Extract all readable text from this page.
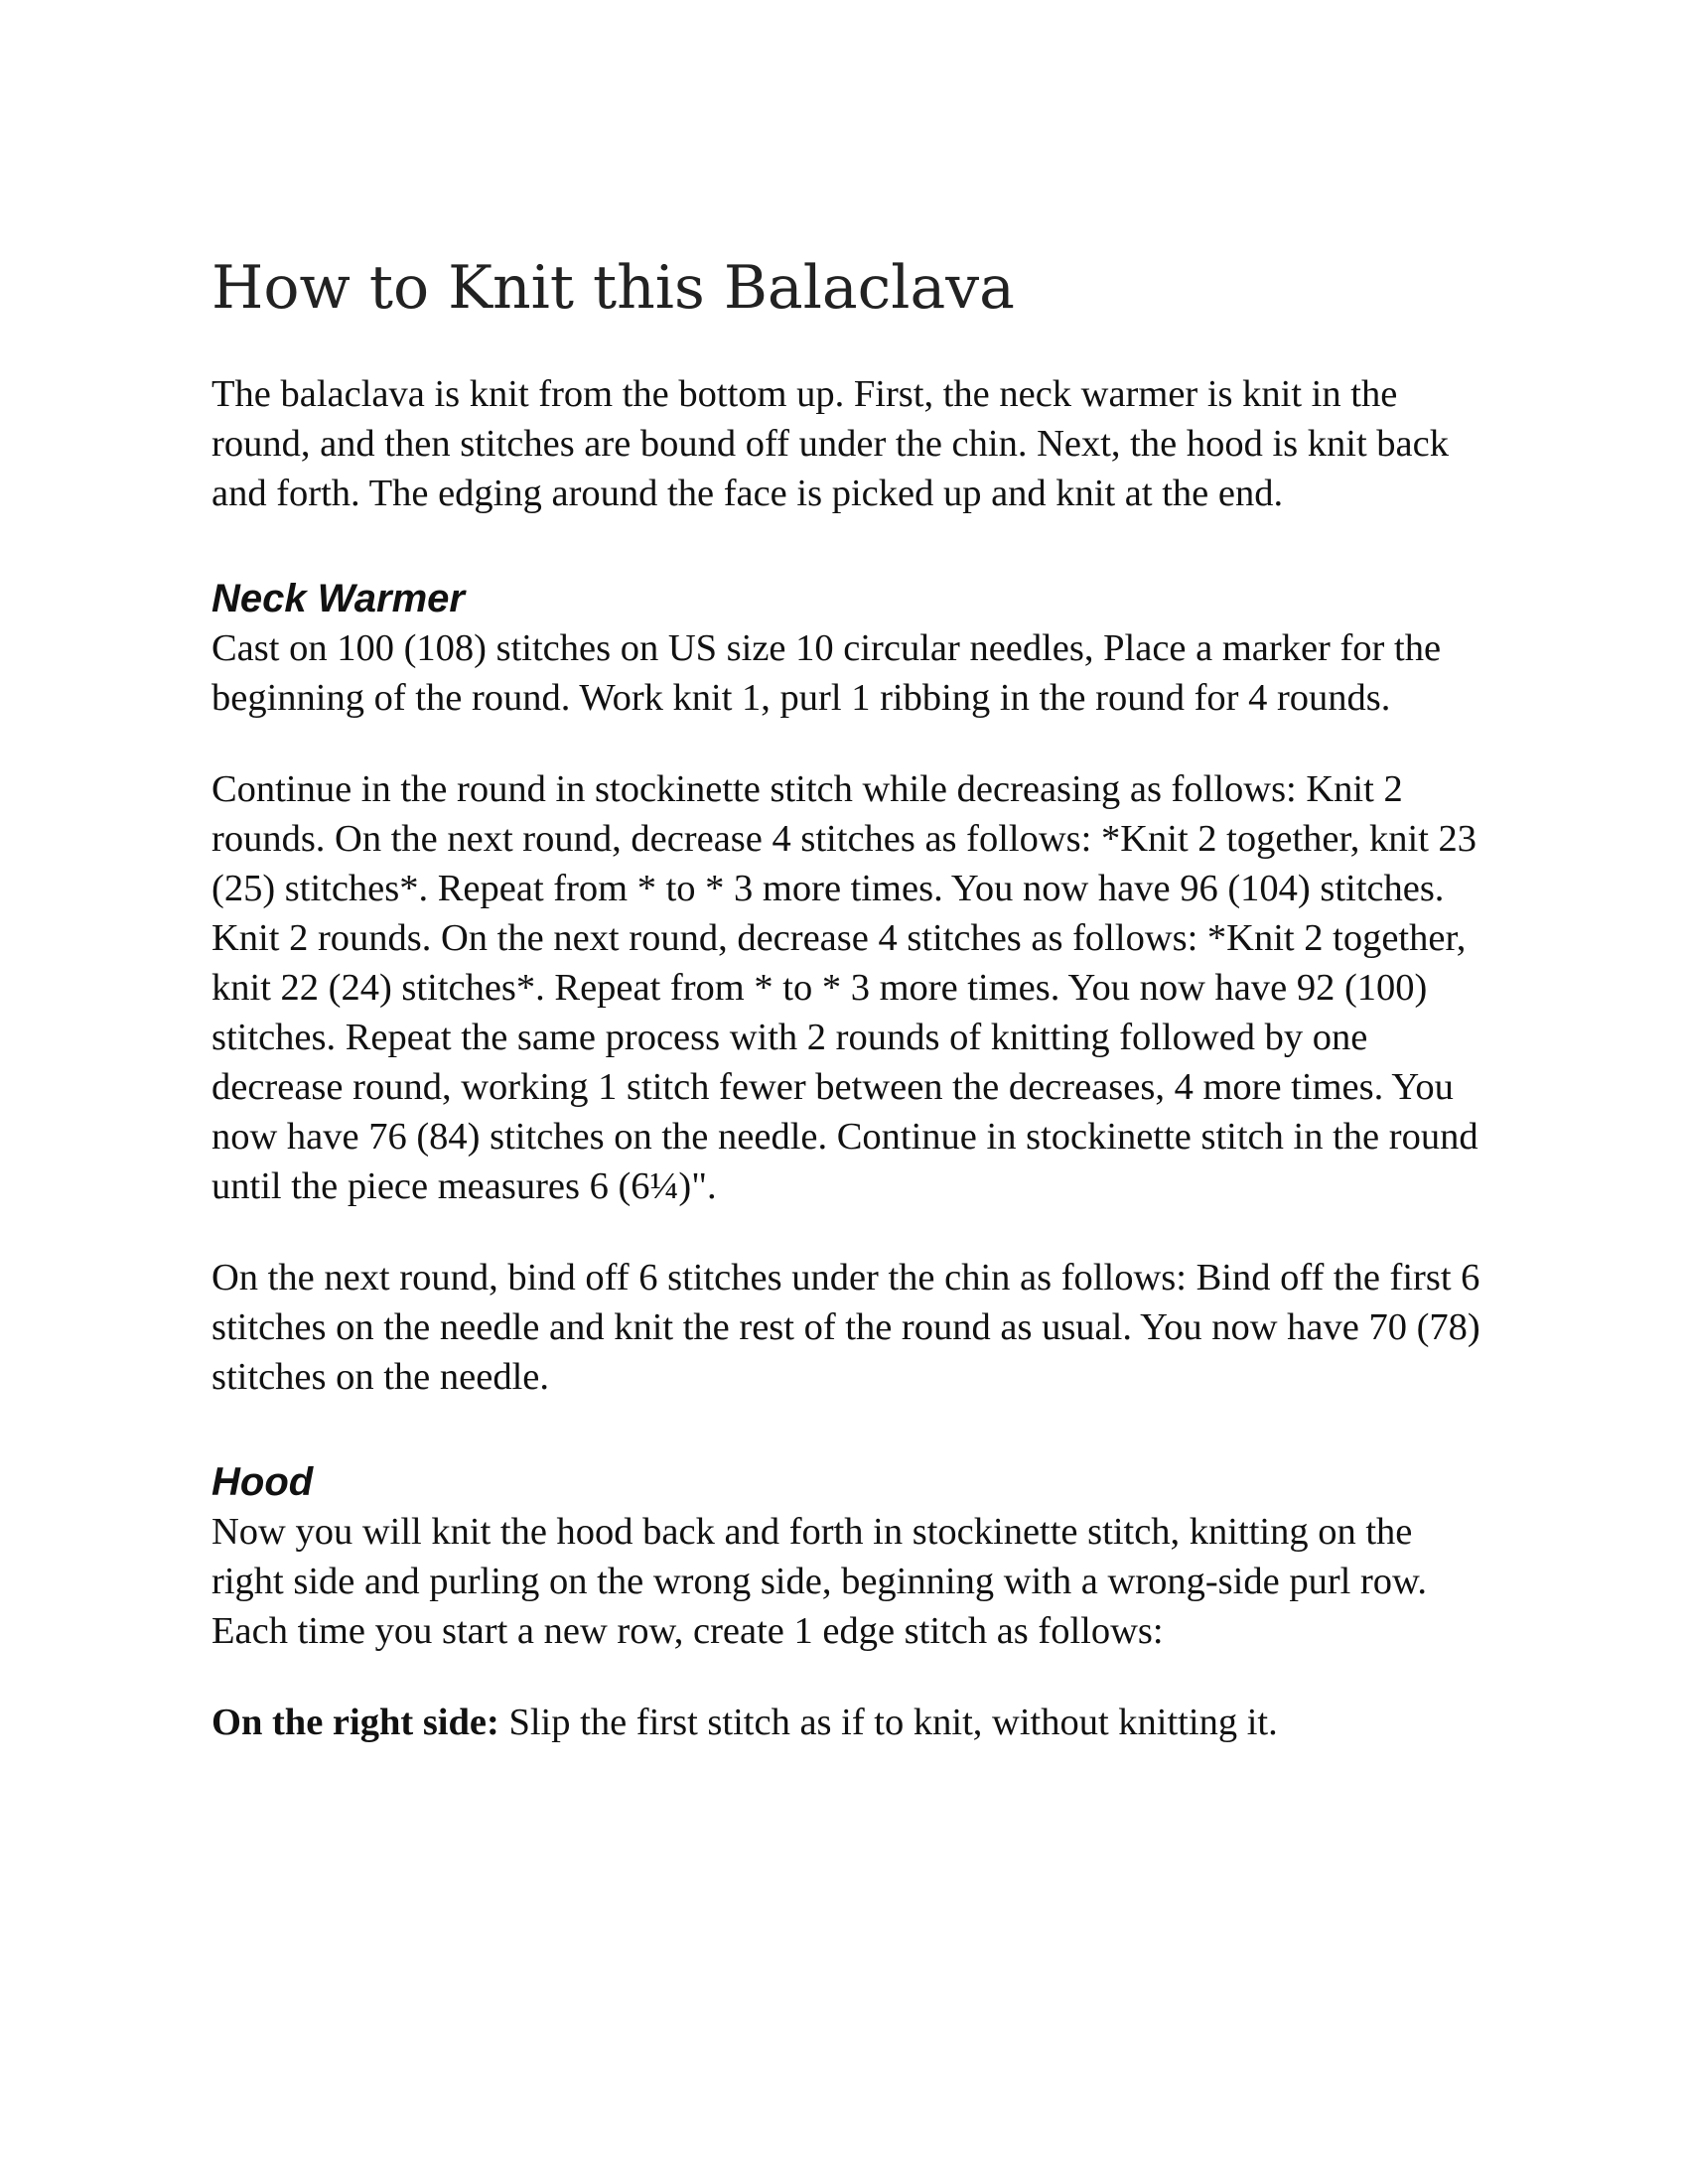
How to Knit this Balaclava

The balaclava is knit from the bottom up. First, the neck warmer is knit in the round, and then stitches are bound off under the chin. Next, the hood is knit back and forth. The edging around the face is picked up and knit at the end.

Neck Warmer

Cast on 100 (108) stitches on US size 10 circular needles, Place a marker for the beginning of the round. Work knit 1, purl 1 ribbing in the round for 4 rounds.

Continue in the round in stockinette stitch while decreasing as follows: Knit 2 rounds. On the next round, decrease 4 stitches as follows: *Knit 2 together, knit 23 (25) stitches*. Repeat from * to * 3 more times. You now have 96 (104) stitches. Knit 2 rounds. On the next round, decrease 4 stitches as follows: *Knit 2 together, knit 22 (24) stitches*. Repeat from * to * 3 more times. You now have 92 (100) stitches. Repeat the same process with 2 rounds of knitting followed by one decrease round, working 1 stitch fewer between the decreases, 4 more times. You now have 76 (84) stitches on the needle. Continue in stockinette stitch in the round until the piece measures 6 (6¼)".

On the next round, bind off 6 stitches under the chin as follows: Bind off the first 6 stitches on the needle and knit the rest of the round as usual. You now have 70 (78) stitches on the needle.

Hood

Now you will knit the hood back and forth in stockinette stitch, knitting on the right side and purling on the wrong side, beginning with a wrong-side purl row. Each time you start a new row, create 1 edge stitch as follows:

On the right side: Slip the first stitch as if to knit, without knitting it.
